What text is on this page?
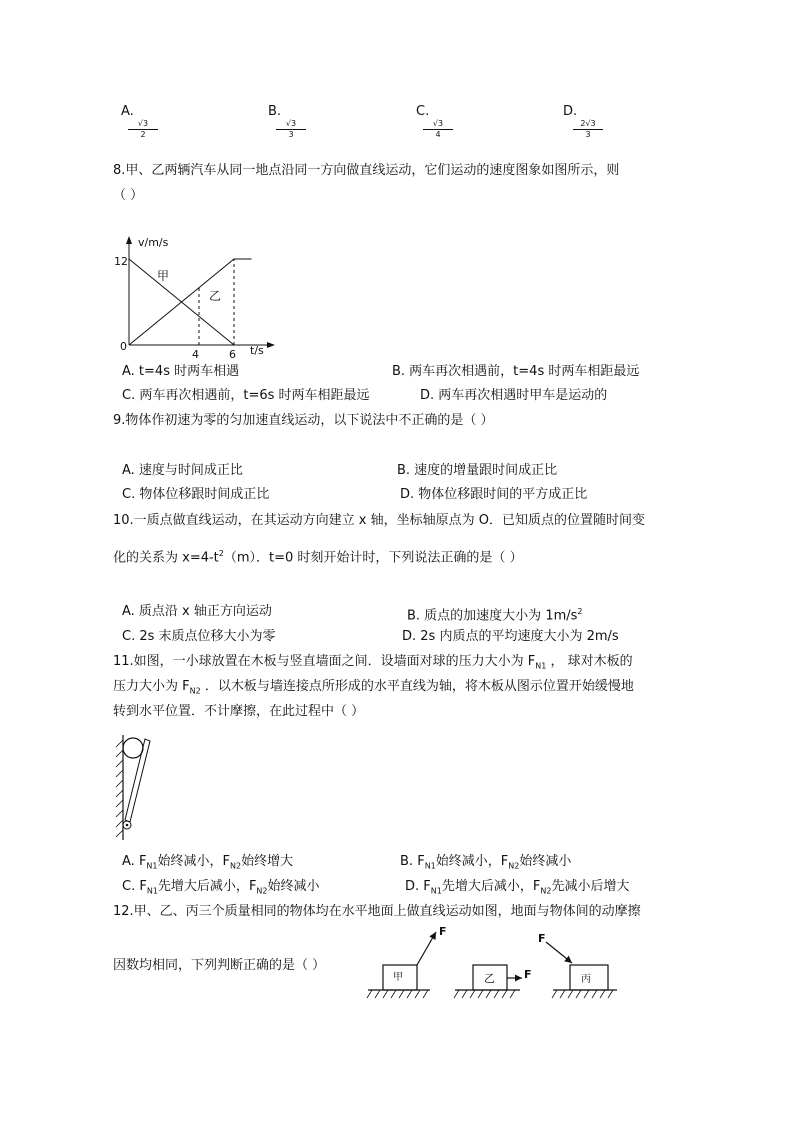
A.
$\frac{√3}{2}$
B.
$\frac{√3}{3}$
C.
$\frac{√3}{4}$
D.
$\frac{2√3}{3}$
8.甲、乙两辆汽车从同一地点沿同一方向做直线运动，它们运动的速度图象如图所示，则
（ ）
v/m/s
12
0
4	6 t/s
甲
乙
A. t=4s 时两车相遇	B. 两车再次相遇前，t=4s 时两车相距最远
C. 两车再次相遇前，t=6s 时两车相距最远	D. 两车再次相遇时甲车是运动的
9.物体作初速为零的匀加速直线运动，以下说法中不正确的是（ ）
A. 速度与时间成正比	B. 速度的增量跟时间成正比
C. 物体位移跟时间成正比	D. 物体位移跟时间的平方成正比
10.一质点做直线运动，在其运动方向建立 x 轴，坐标轴原点为 O．已知质点的位置随时间变
化的关系为 $x=4-t^2(m)$．t=0 时刻开始计时，下列说法正确的是（ ）
A. 质点沿 x 轴正方向运动	B. 质点的加速度大小为 $1m/s^2$
C. 2s 末质点位移大小为零	D. 2s 内质点的平均速度大小为 2m/s
11.如图，一小球放置在木板与竖直墙面之间．设墙面对球的压力大小为 $F_{N1}$ ， 球对木板的
压力大小为 $F_{N2}$ ．以木板与墙连接点所形成的水平直线为轴，将木板从图示位置开始缓慢地
转到水平位置．不计摩擦，在此过程中（ ）
A. $F_{N1}$始终减小，$F_{N2}$始终增大	B. $F_{N1}$始终减小，$F_{N2}$始终减小
C. $F_{N1}$先增大后减小，$F_{N2}$始终减小	D. $F_{N1}$先增大后减小，$F_{N2}$先减小后增大
12.甲、乙、丙三个质量相同的物体均在水平地面上做直线运动如图，地面与物体间的动摩擦
因数均相同，下列判断正确的是（ ）
甲	乙	丙
F
F
F
